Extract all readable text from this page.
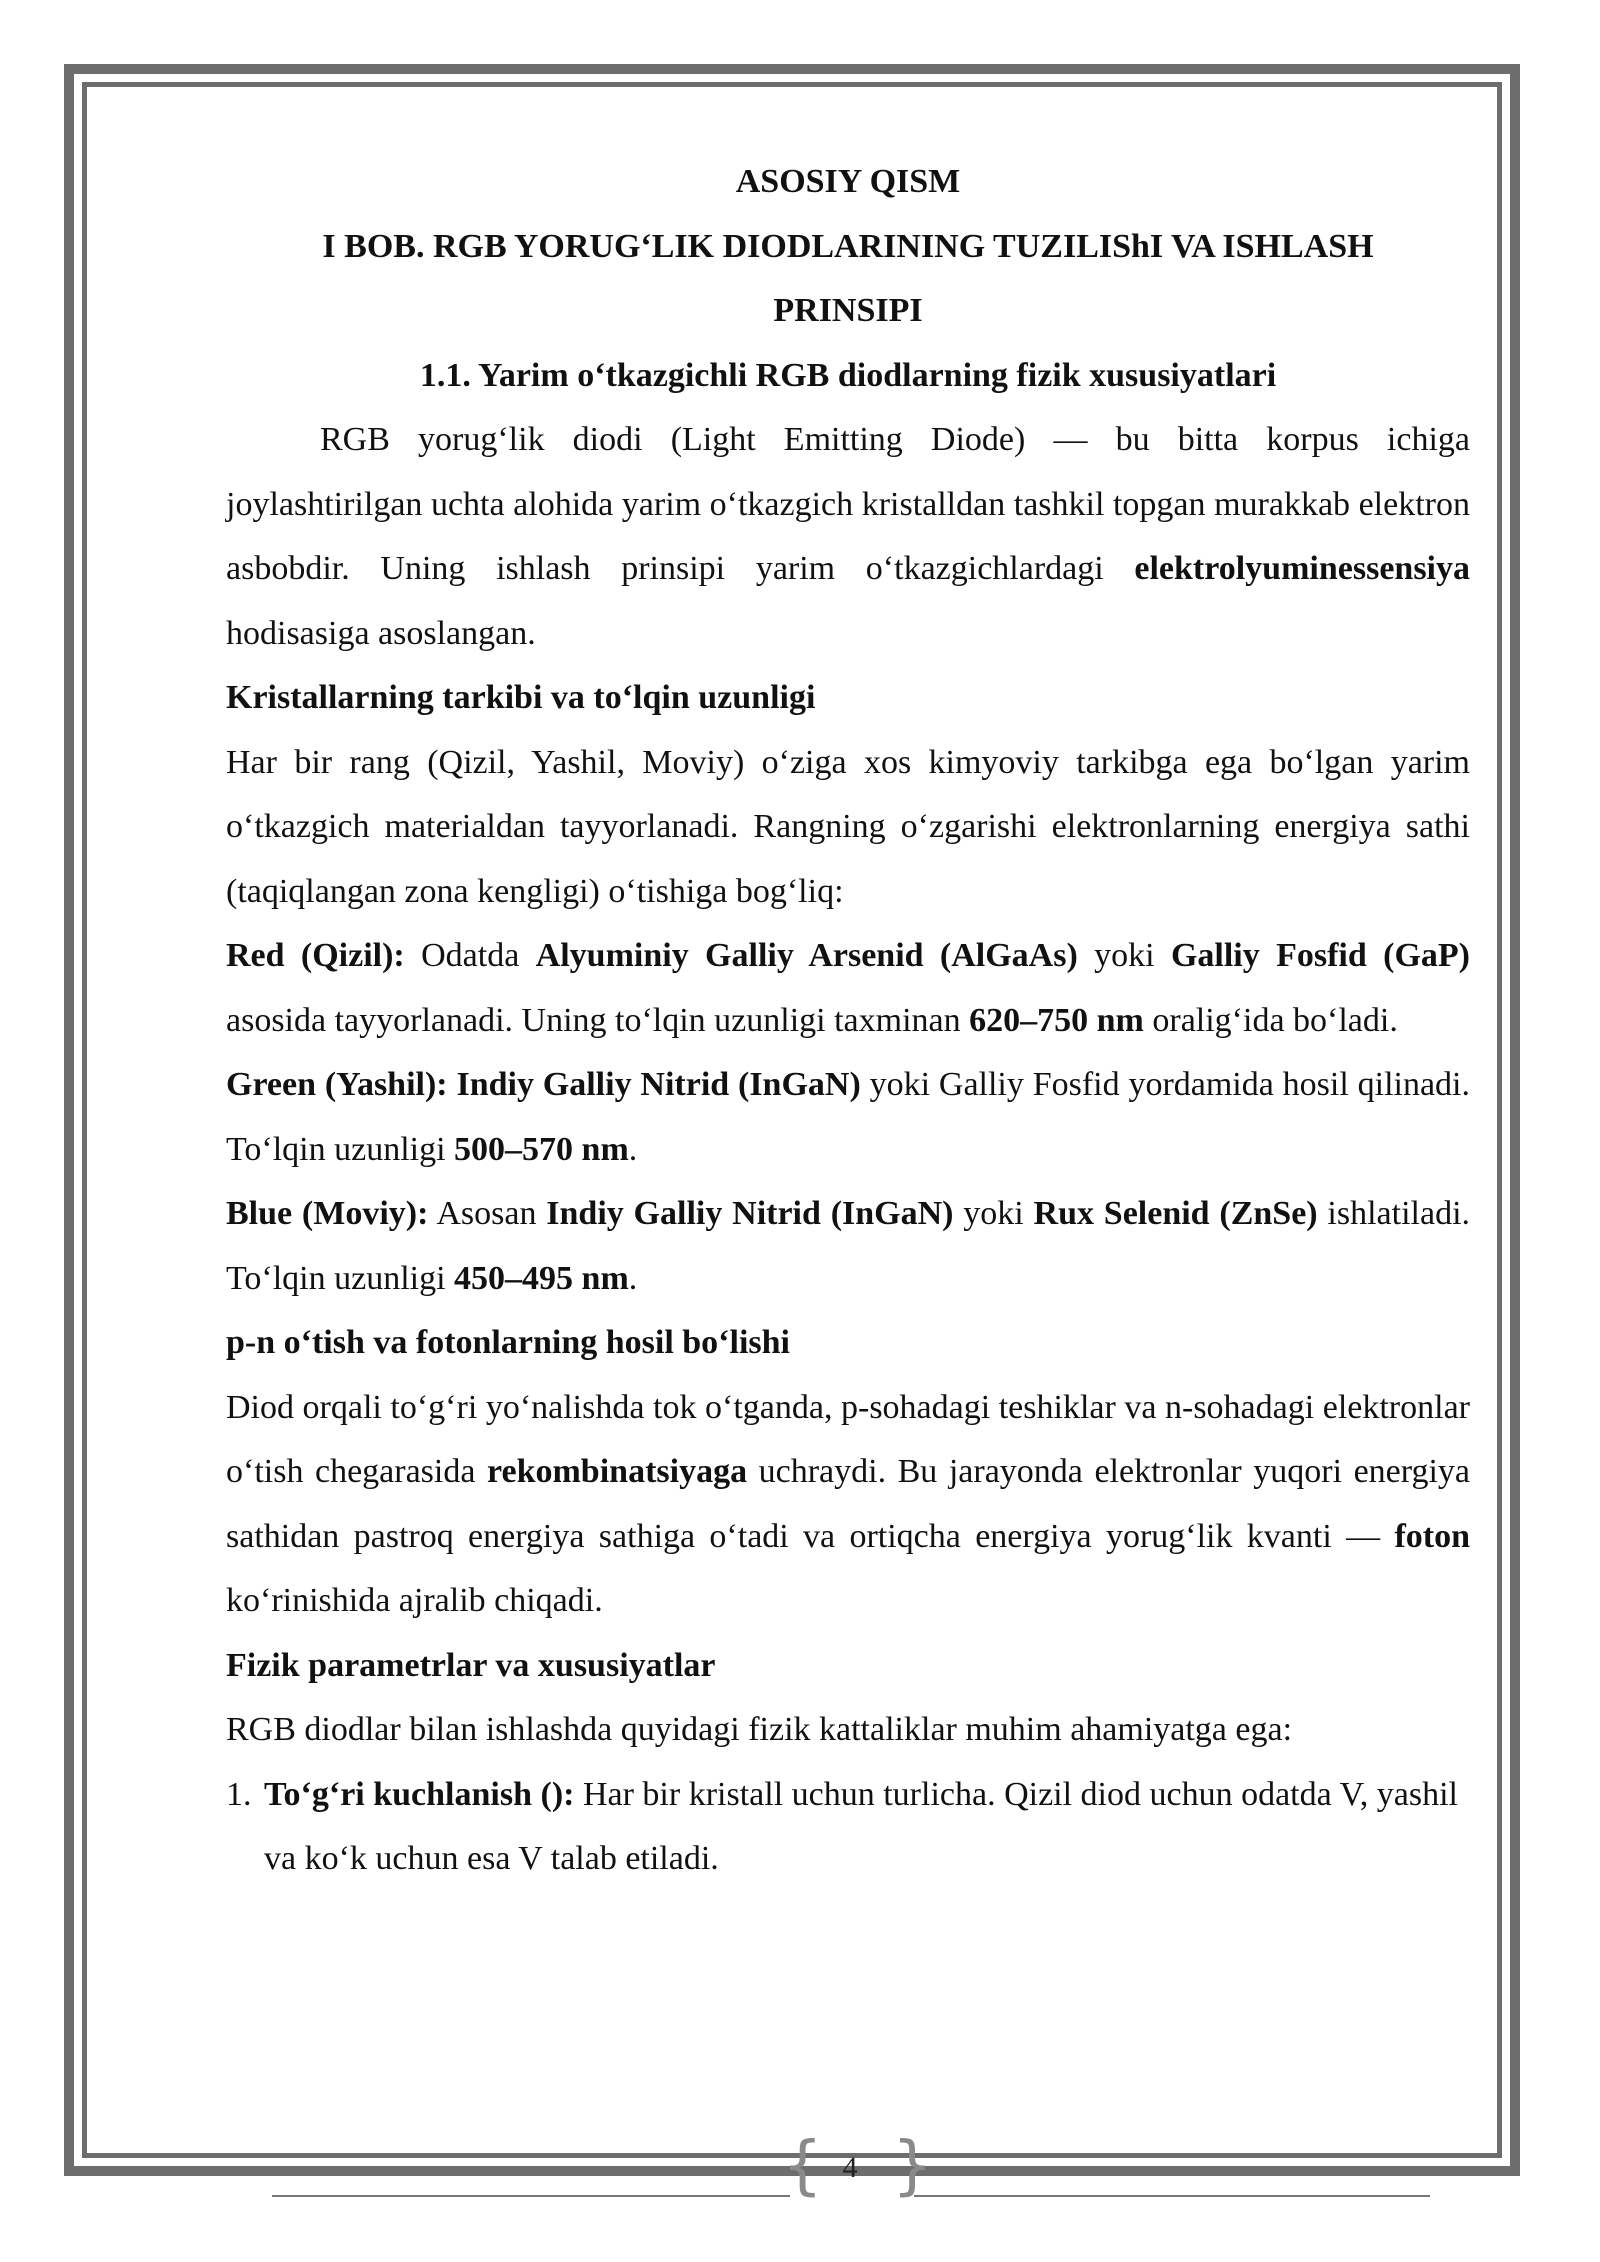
ASOSIY QISM

I BOB. RGB YORUG‘LIK DIODLARINING TUZILIShI VA ISHLASH

PRINSIPI

1.1. Yarim o‘tkazgichli RGB diodlarning fizik xususiyatlari

RGB yorug‘lik diodi (Light Emitting Diode) — bu bitta korpus ichiga joylashtirilgan uchta alohida yarim o‘tkazgich kristalldan tashkil topgan murakkab elektron asbobdir. Uning ishlash prinsipi yarim o‘tkazgichlardagi elektrolyuminessensiya hodisasiga asoslangan.

Kristallarning tarkibi va to‘lqin uzunligi

Har bir rang (Qizil, Yashil, Moviy) o‘ziga xos kimyoviy tarkibga ega bo‘lgan yarim o‘tkazgich materialdan tayyorlanadi. Rangning o‘zgarishi elektronlarning energiya sathi (taqiqlangan zona kengligi) o‘tishiga bog‘liq:

Red (Qizil): Odatda Alyuminiy Galliy Arsenid (AlGaAs) yoki Galliy Fosfid (GaP) asosida tayyorlanadi. Uning to‘lqin uzunligi taxminan 620–750 nm oralig‘ida bo‘ladi.

Green (Yashil): Indiy Galliy Nitrid (InGaN) yoki Galliy Fosfid yordamida hosil qilinadi. To‘lqin uzunligi 500–570 nm.

Blue (Moviy): Asosan Indiy Galliy Nitrid (InGaN) yoki Rux Selenid (ZnSe) ishlatiladi. To‘lqin uzunligi 450–495 nm.

p-n o‘tish va fotonlarning hosil bo‘lishi

Diod orqali to‘g‘ri yo‘nalishda tok o‘tganda, p-sohadagi teshiklar va n-sohadagi elektronlar o‘tish chegarasida rekombinatsiyaga uchraydi. Bu jarayonda elektronlar yuqori energiya sathidan pastroq energiya sathiga o‘tadi va ortiqcha energiya yorug‘lik kvanti — foton ko‘rinishida ajralib chiqadi.

Fizik parametrlar va xususiyatlar

RGB diodlar bilan ishlashda quyidagi fizik kattaliklar muhim ahamiyatga ega:

1. To‘g‘ri kuchlanish (): Har bir kristall uchun turlicha. Qizil diod uchun odatda V, yashil va ko‘k uchun esa V talab etiladi.
{ }
4
